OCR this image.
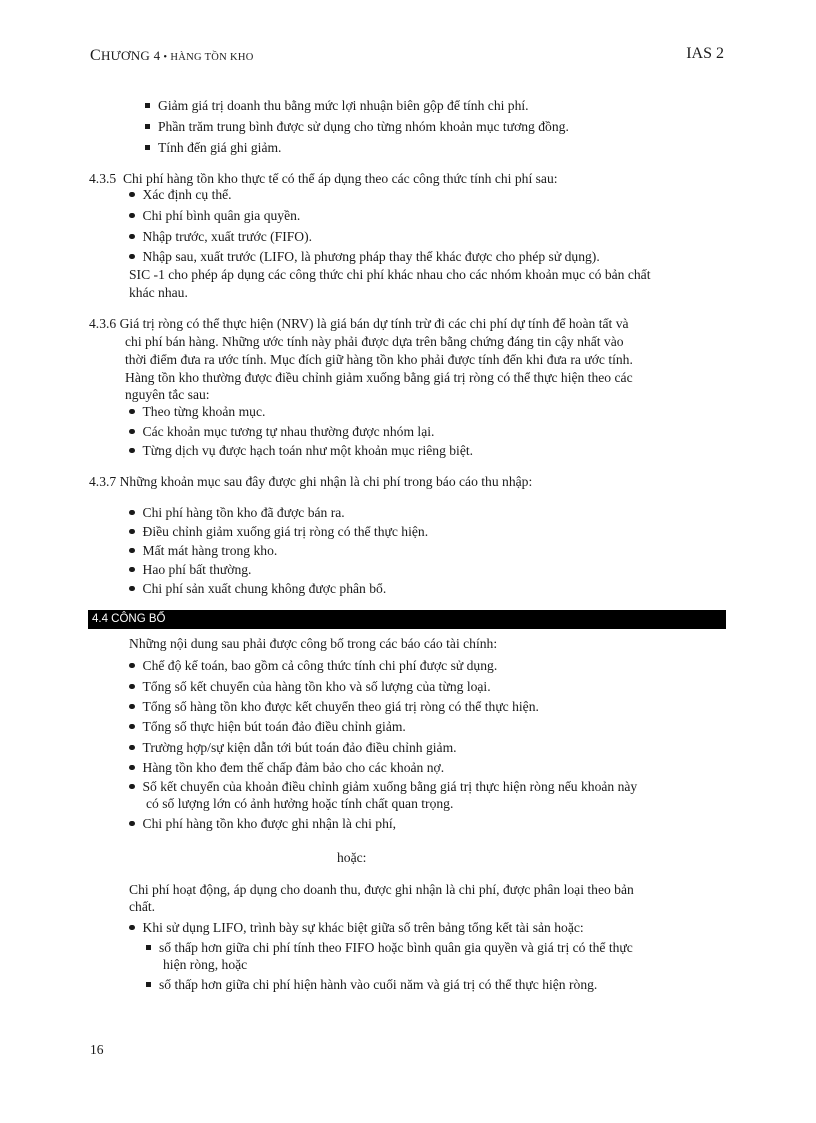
CHƯƠNG 4 • HÀNG TỒN KHO	IAS 2
Giảm giá trị doanh thu bằng mức lợi nhuận biên gộp để tính chi phí.
Phần trăm trung bình được sử dụng cho từng nhóm khoản mục tương đồng.
Tính đến giá ghi giảm.
4.3.5 Chi phí hàng tồn kho thực tế có thể áp dụng theo các công thức tính chi phí sau:
Xác định cụ thể.
Chi phí bình quân gia quyền.
Nhập trước, xuất trước (FIFO).
Nhập sau, xuất trước (LIFO, là phương pháp thay thế khác được cho phép sử dụng).
SIC -1 cho phép áp dụng các công thức chi phí khác nhau cho các nhóm khoản mục có bản chất
khác nhau.
4.3.6 Giá trị ròng có thể thực hiện (NRV) là giá bán dự tính trừ đi các chi phí dự tính để hoàn tất và
chi phí bán hàng. Những ước tính này phải được dựa trên bằng chứng đáng tin cậy nhất vào
thời điểm đưa ra ước tính. Mục đích giữ hàng tồn kho phải được tính đến khi đưa ra ước tính.
Hàng tồn kho thường được điều chỉnh giảm xuống bằng giá trị ròng có thể thực hiện theo các
nguyên tắc sau:
Theo từng khoản mục.
Các khoản mục tương tự nhau thường được nhóm lại.
Từng dịch vụ được hạch toán như một khoản mục riêng biệt.
4.3.7 Những khoản mục sau đây được ghi nhận là chi phí trong báo cáo thu nhập:
Chi phí hàng tồn kho đã được bán ra.
Điều chỉnh giảm xuống giá trị ròng có thể thực hiện.
Mất mát hàng trong kho.
Hao phí bất thường.
Chi phí sản xuất chung không được phân bổ.
4.4 CÔNG BỐ
Những nội dung sau phải được công bố trong các báo cáo tài chính:
Chế độ kế toán, bao gồm cả công thức tính chi phí được sử dụng.
Tổng số kết chuyển của hàng tồn kho và số lượng của từng loại.
Tổng số hàng tồn kho được kết chuyển theo giá trị ròng có thể thực hiện.
Tổng số thực hiện bút toán đảo điều chỉnh giảm.
Trường hợp/sự kiện dẫn tới bút toán đảo điều chỉnh giảm.
Hàng tồn kho đem thế chấp đảm bảo cho các khoản nợ.
Số kết chuyển của khoản điều chỉnh giảm xuống bằng giá trị thực hiện ròng nếu khoản này
có số lượng lớn có ảnh hưởng hoặc tính chất quan trọng.
Chi phí hàng tồn kho được ghi nhận là chi phí,
hoặc:
Chi phí hoạt động, áp dụng cho doanh thu, được ghi nhận là chi phí, được phân loại theo bản
chất.
Khi sử dụng LIFO, trình bày sự khác biệt giữa số trên bảng tổng kết tài sản hoặc:
số thấp hơn giữa chi phí tính theo FIFO hoặc bình quân gia quyền và giá trị có thể thực
hiện ròng, hoặc
số thấp hơn giữa chi phí hiện hành vào cuối năm và giá trị có thể thực hiện ròng.
16
